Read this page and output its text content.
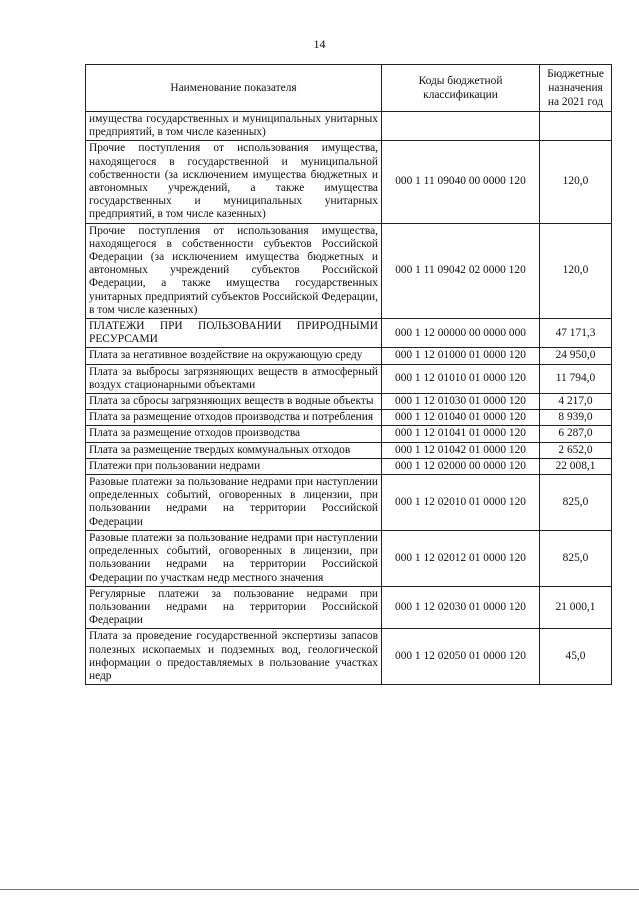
14
Наименование показателя	Коды бюджетной классификации	Бюджетные назначения на 2021 год
имущества государственных и муниципальных унитарных предприятий, в том числе казенных)		
Прочие поступления от использования имущества, находящегося в государственной и муниципальной собственности (за исключением имущества бюджетных и автономных учреждений, а также имущества государственных и муниципальных унитарных предприятий, в том числе казенных)	000 1 11 09040 00 0000 120	120,0
Прочие поступления от использования имущества, находящегося в собственности субъектов Российской Федерации (за исключением имущества бюджетных и автономных учреждений субъектов Российской Федерации, а также имущества государственных унитарных предприятий субъектов Российской Федерации, в том числе казенных)	000 1 11 09042 02 0000 120	120,0
ПЛАТЕЖИ ПРИ ПОЛЬЗОВАНИИ ПРИРОДНЫМИ РЕСУРСАМИ	000 1 12 00000 00 0000 000	47 171,3
Плата за негативное воздействие на окружающую среду	000 1 12 01000 01 0000 120	24 950,0
Плата за выбросы загрязняющих веществ в атмосферный воздух стационарными объектами	000 1 12 01010 01 0000 120	11 794,0
Плата за сбросы загрязняющих веществ в водные объекты	000 1 12 01030 01 0000 120	4 217,0
Плата за размещение отходов производства и потребления	000 1 12 01040 01 0000 120	8 939,0
Плата за размещение отходов производства	000 1 12 01041 01 0000 120	6 287,0
Плата за размещение твердых коммунальных отходов	000 1 12 01042 01 0000 120	2 652,0
Платежи при пользовании недрами	000 1 12 02000 00 0000 120	22 008,1
Разовые платежи за пользование недрами при наступлении определенных событий, оговоренных в лицензии, при пользовании недрами на территории Российской Федерации	000 1 12 02010 01 0000 120	825,0
Разовые платежи за пользование недрами при наступлении определенных событий, оговоренных в лицензии, при пользовании недрами на территории Российской Федерации по участкам недр местного значения	000 1 12 02012 01 0000 120	825,0
Регулярные платежи за пользование недрами при пользовании недрами на территории Российской Федерации	000 1 12 02030 01 0000 120	21 000,1
Плата за проведение государственной экспертизы запасов полезных ископаемых и подземных вод, геологической информации о предоставляемых в пользование участках недр	000 1 12 02050 01 0000 120	45,0
